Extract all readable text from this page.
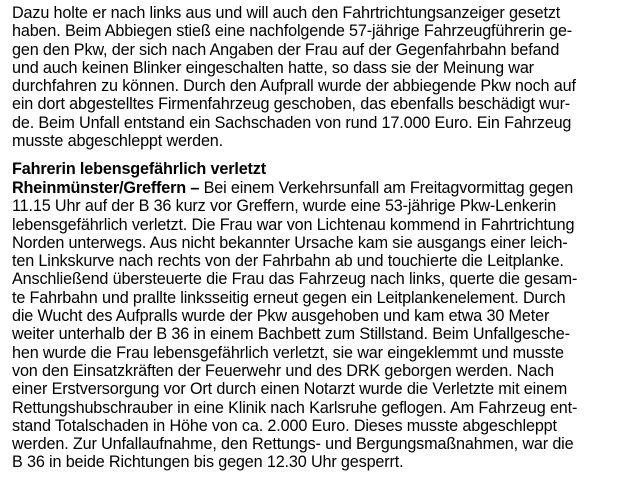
Dazu holte er nach links aus und will auch den Fahrtrichtungsanzeiger gesetzt
haben. Beim Abbiegen stieß eine nachfolgende 57-jährige Fahrzeugführerin ge-
gen den Pkw, der sich nach Angaben der Frau auf der Gegenfahrbahn befand
und auch keinen Blinker eingeschalten hatte, so dass sie der Meinung war
durchfahren zu können. Durch den Aufprall wurde der abbiegende Pkw noch auf
ein dort abgestelltes Firmenfahrzeug geschoben, das ebenfalls beschädigt wur-
de. Beim Unfall entstand ein Sachschaden von rund 17.000 Euro. Ein Fahrzeug
musste abgeschleppt werden.
Fahrerin lebensgefährlich verletzt
Rheinmünster/Greffern – Bei einem Verkehrsunfall am Freitagvormittag gegen
11.15 Uhr auf der B 36 kurz vor Greffern, wurde eine 53-jährige Pkw-Lenkerin
lebensgefährlich verletzt. Die Frau war von Lichtenau kommend in Fahrtrichtung
Norden unterwegs. Aus nicht bekannter Ursache kam sie ausgangs einer leich-
ten Linkskurve nach rechts von der Fahrbahn ab und touchierte die Leitplanke.
Anschließend übersteuerte die Frau das Fahrzeug nach links, querte die gesam-
te Fahrbahn und prallte linksseitig erneut gegen ein Leitplankenelement. Durch
die Wucht des Aufpralls wurde der Pkw ausgehoben und kam etwa 30 Meter
weiter unterhalb der B 36 in einem Bachbett zum Stillstand. Beim Unfallgesche-
hen wurde die Frau lebensgefährlich verletzt, sie war eingeklemmt und musste
von den Einsatzkräften der Feuerwehr und des DRK geborgen werden. Nach
einer Erstversorgung vor Ort durch einen Notarzt wurde die Verletzte mit einem
Rettungshubschrauber in eine Klinik nach Karlsruhe geflogen. Am Fahrzeug ent-
stand Totalschaden in Höhe von ca. 2.000 Euro. Dieses musste abgeschleppt
werden. Zur Unfallaufnahme, den Rettungs- und Bergungsmaßnahmen, war die
B 36 in beide Richtungen bis gegen 12.30 Uhr gesperrt.
